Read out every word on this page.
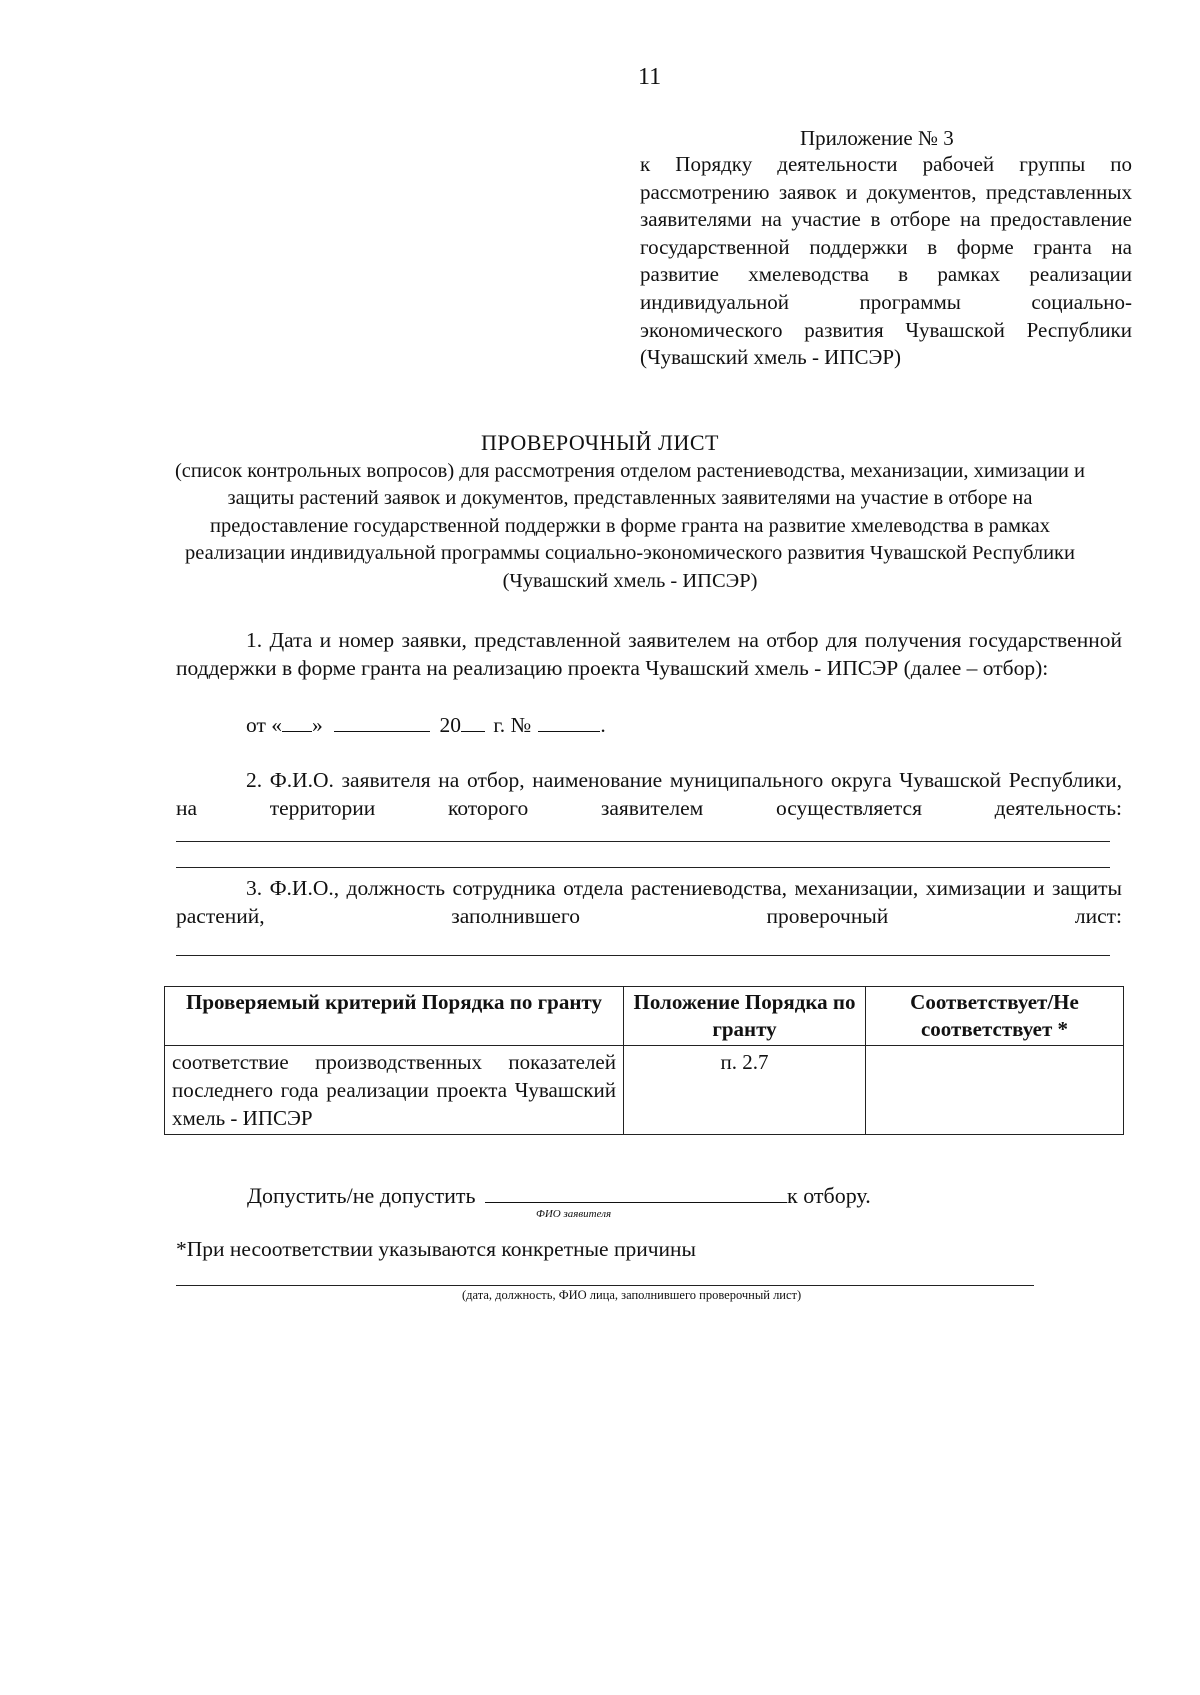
11
Приложение № 3
к Порядку деятельности рабочей группы по рассмотрению заявок и документов, представленных заявителями на участие в отборе на предоставление государственной поддержки в форме гранта на развитие хмелеводства в рамках реализации индивидуальной программы социально-экономического развития Чувашской Республики (Чувашский хмель - ИПСЭР)
ПРОВЕРОЧНЫЙ ЛИСТ
(список контрольных вопросов) для рассмотрения отделом растениеводства, механизации, химизации и защиты растений заявок и документов, представленных заявителями на участие в отборе на предоставление государственной поддержки в форме гранта на развитие хмелеводства в рамках реализации индивидуальной программы социально-экономического развития Чувашской Республики (Чувашский хмель - ИПСЭР)
1. Дата и номер заявки, представленной заявителем на отбор для получения государственной поддержки в форме гранта на реализацию проекта Чувашский хмель - ИПСЭР (далее – отбор):
от « »	20 г. №	.
2. Ф.И.О. заявителя на отбор, наименование муниципального округа Чувашской Республики, на территории которого заявителем осуществляется деятельность:
3. Ф.И.О., должность сотрудника отдела растениеводства, механизации, химизации и защиты растений, заполнившего проверочный лист:
Проверяемый критерий Порядка по гранту	Положение Порядка по гранту	Соответствует/Не соответствует *

соответствие производственных показателей последнего года реализации проекта Чувашский хмель - ИПСЭР	п. 2.7	
Допустить/не допустить	к отбору.
ФИО заявителя
*При несоответствии указываются конкретные причины
(дата, должность, ФИО лица, заполнившего проверочный лист)
